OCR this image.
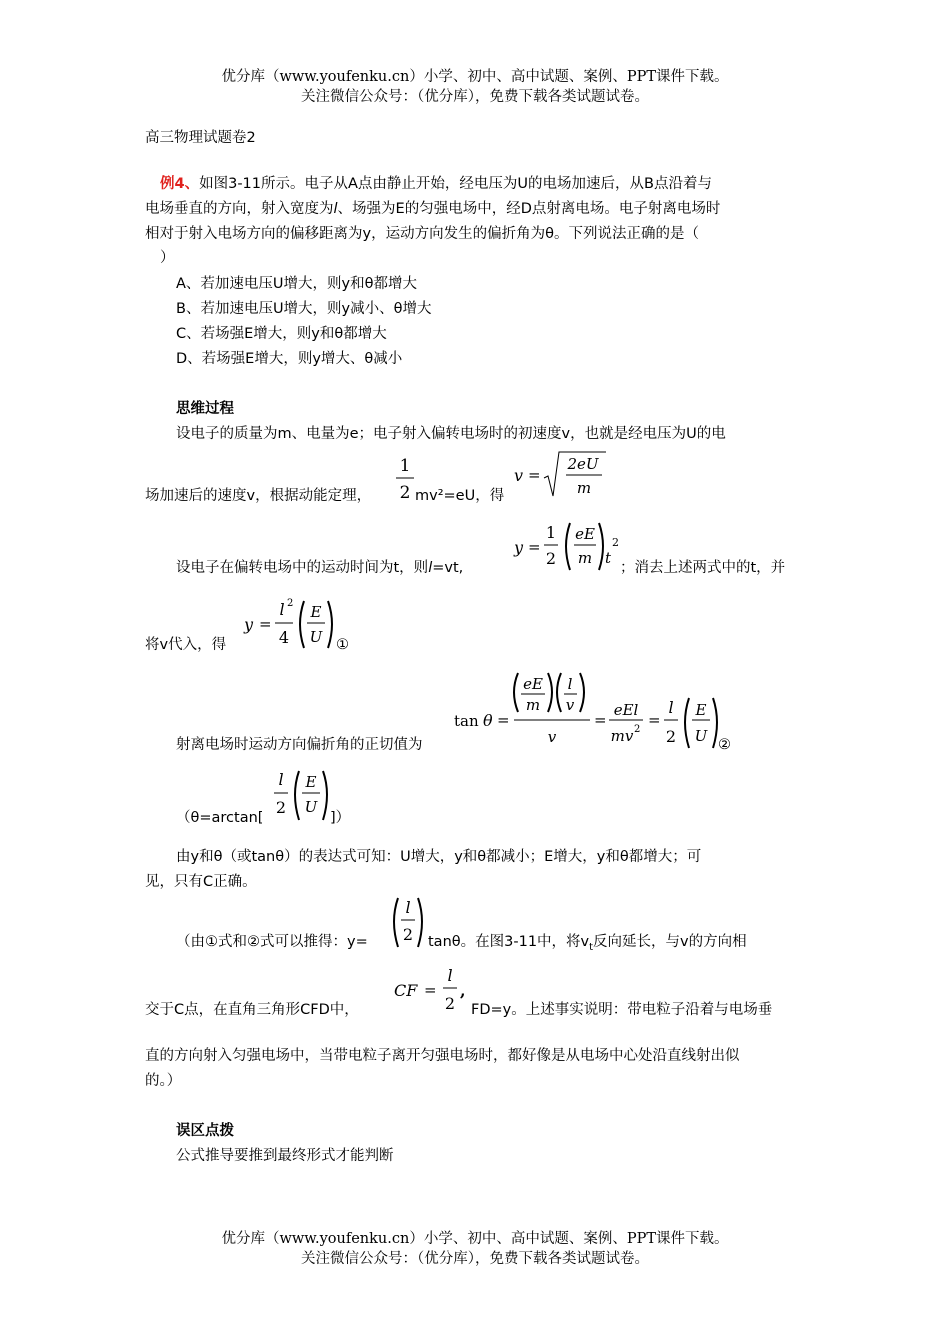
优分库（www.youfenku.cn）小学、初中、高中试题、案例、PPT课件下载。
关注微信公众号：（优分库），免费下载各类试题试卷。
高三物理试题卷2
例4、如图3-11所示。电子从A点由静止开始，经电压为U的电场加速后，从B点沿着与
电场垂直的方向，射入宽度为l、场强为E的匀强电场中，经D点射离电场。电子射离电场时
相对于射入电场方向的偏移距离为y，运动方向发生的偏折角为θ。下列说法正确的是（
）
A、若加速电压U增大，则y和θ都增大
B、若加速电压U增大，则y减小、θ增大
C、若场强E增大，则y和θ都增大
D、若场强E增大，则y增大、θ减小
思维过程
设电子的质量为m、电量为e；电子射入偏转电场时的初速度v，也就是经电压为U的电
场加速后的速度v，根据动能定理，
1
2 mv²=eU，得
v =
2eU
m
设电子在偏转电场中的运动时间为t，则l=vt,
y =
1
2
eE
m t
2
；消去上述两式中的t，并
将v代入，得
y =
l 2
4
E
U ①
tan θ =
eE
m
l
v
v
=
eEl
mv 2
=
l
2
E
U
射离电场时运动方向偏折角的正切值为	②
（θ=arctan[
l
2
E
U
]）
由y和θ（或tanθ）的表达式可知：U增大，y和θ都减小；E增大，y和θ都增大；可
见，只有C正确。
（由①式和②式可以推得：y=
l
2 tanθ。在图3-11中，将$v_t$反向延长，与v的方向相
交于C点，在直角三角形CFD中，
CF =
l
2
,
FD=y。上述事实说明：带电粒子沿着与电场垂
直的方向射入匀强电场中，当带电粒子离开匀强电场时，都好像是从电场中心处沿直线射出似
的。）
误区点拨
公式推导要推到最终形式才能判断
优分库（www.youfenku.cn）小学、初中、高中试题、案例、PPT课件下载。
关注微信公众号：（优分库），免费下载各类试题试卷。
